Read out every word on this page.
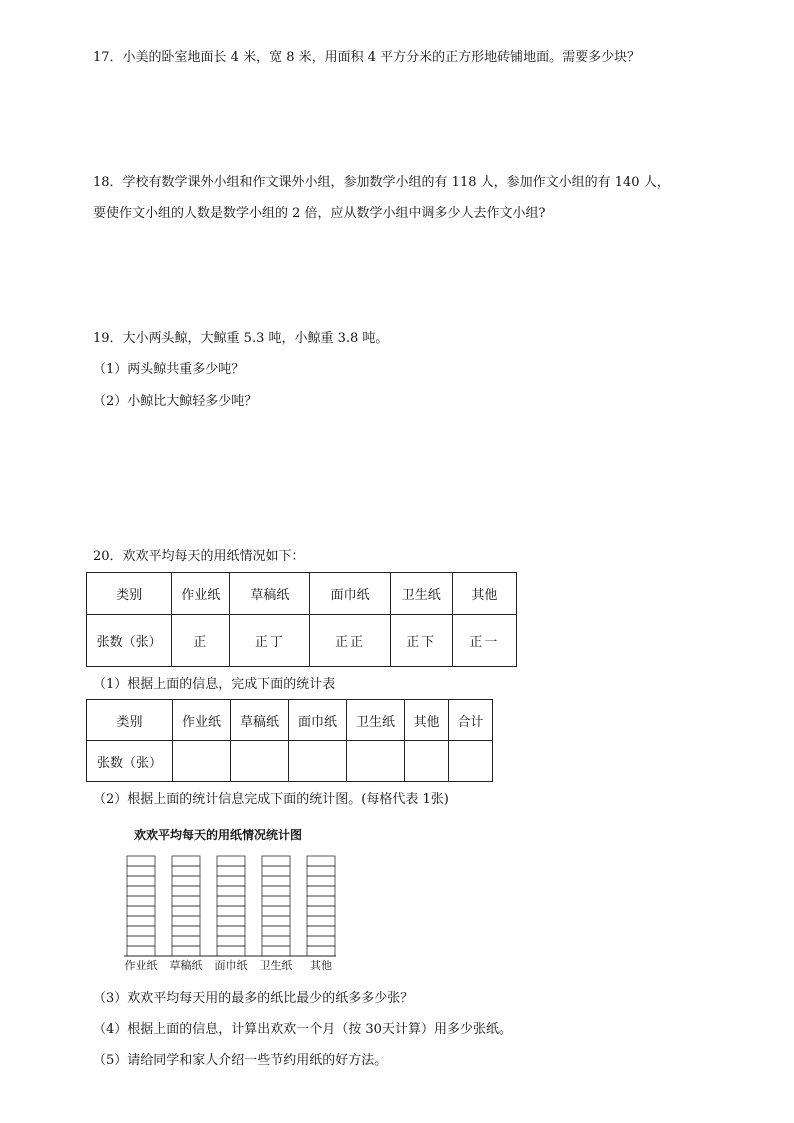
17．小美的卧室地面长 4 米，宽 8 米，用面积 4 平方分米的正方形地砖铺地面。需要多少块？
18．学校有数学课外小组和作文课外小组，参加数学小组的有 118 人，参加作文小组的有 140 人，
要使作文小组的人数是数学小组的 2 倍，应从数学小组中调多少人去作文小组?
19．大小两头鲸，大鲸重 5.3 吨，小鲸重 3.8 吨。
（1）两头鲸共重多少吨？
（2）小鲸比大鲸轻多少吨？
20．欢欢平均每天的用纸情况如下：
类别	作业纸	草稿纸	面巾纸	卫生纸	其他
张数（张）	正	正丁	正正	正下	正一
（1）根据上面的信息，完成下面的统计表
类别	作业纸	草稿纸	面巾纸	卫生纸	其他	合计
张数（张）						
（2）根据上面的统计信息完成下面的统计图。(每格代表 1张)
欢欢平均每天的用纸情况统计图
作业纸 草稿纸 面巾纸 卫生纸 其他
（3）欢欢平均每天用的最多的纸比最少的纸多多少张？
（4）根据上面的信息，计算出欢欢一个月（按 30天计算）用多少张纸。
（5）请给同学和家人介绍一些节约用纸的好方法。
